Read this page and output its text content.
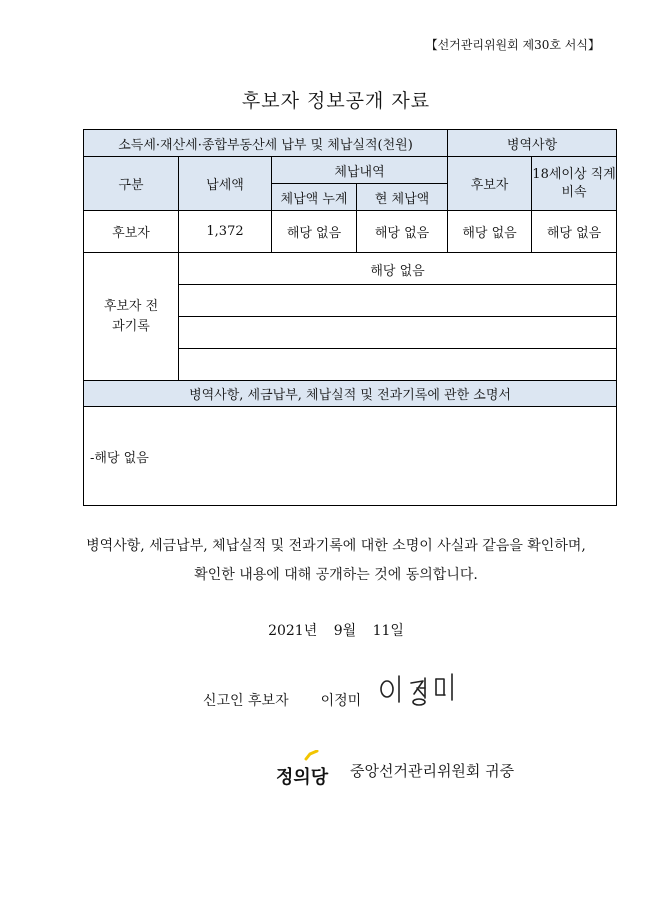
【선거관리위원회 제30호 서식】
후보자 정보공개 자료
소득세·재산세·종합부동산세 납부 및 체납실적(천원)				병역사항	
구분	납세액	체납내역		후보자	18세이상 직계비속
		체납액 누계	현 체납액		
후보자	1,372	해당 없음	해당 없음	해당 없음	해당 없음
후보자 전과기록	해당 없음				

병역사항, 세금납부, 체납실적 및 전과기록에 관한 소명서					
-해당 없음					
병역사항, 세금납부, 체납실적 및 전과기록에 대한 소명이 사실과 같음을 확인하며,
확인한 내용에 대해 공개하는 것에 동의합니다.
2021년 9월 11일
신고인 후보자 이정미
정의당 중앙선거관리위원회 귀중
